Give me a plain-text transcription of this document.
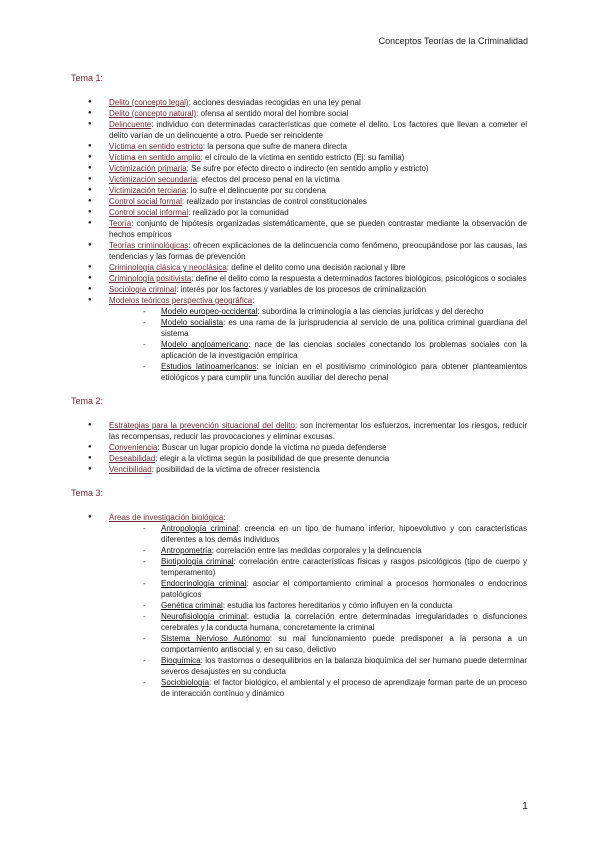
Conceptos Teorías de la Criminalidad
Tema 1:
● Delito (concepto legal): acciones desviadas recogidas en una ley penal
● Delito (concepto natural): ofensa al sentido moral del hombre social
● Delincuente: individuo con determinadas características que comete el delito. Los factores que llevan a cometer el delito varían de un delincuente a otro. Puede ser reincidente
● Víctima en sentido estricto: la persona que sufre de manera directa
● Víctima en sentido amplio: el círculo de la víctima en sentido estricto (Ej: su familia)
● Victimización primaria: Se sufre por efecto directo o indirecto (en sentido amplio y estricto)
● Victimización secundaria: efectos del proceso penal en la víctima
● Victimización terciaria: lo sufre el delincuente por su condena
● Control social formal: realizado por instancias de control constitucionales
● Control social informal: realizado por la comunidad
● Teoría: conjunto de hipótesis organizadas sistemáticamente, que se pueden contrastar mediante la observación de hechos empíricos
● Teorías criminológicas: ofrecen explicaciones de la delincuencia como fenómeno, preocupándose por las causas, las tendencias y las formas de prevención
● Criminología clásica y neoclásica: define el delito como una decisión racional y libre
● Criminología positivista: define el delito como la respuesta a determinados factores biológicos, psicológicos o sociales
● Sociología criminal: interés por los factores y variables de los procesos de criminalización
● Modelos teóricos perspectiva geográfica:
- Modelo europeo-occidental: subordina la criminología a las ciencias jurídicas y del derecho
- Modelo socialista: es una rama de la jurisprudencia al servicio de una política criminal guardiana del sistema
- Modelo angloamericano: nace de las ciencias sociales conectando los problemas sociales con la aplicación de la investigación empírica
- Estudios latinoamericanos: se inician en el positivismo criminológico para obtener planteamientos etiológicos y para cumplir una función auxiliar del derecho penal
Tema 2:
● Estrategias para la prevención situacional del delito: son incrementar los esfuerzos, incrementar los riesgos, reducir las recompensas, reducir las provocaciones y eliminar excusas.
● Conveniencia: Buscar un lugar propicio donde la víctima no pueda defenderse
● Deseabilidad: elegir a la víctima según la posibilidad de que presente denuncia
● Vencibilidad: posibilidad de la víctima de ofrecer resistencia
Tema 3:
● Áreas de investigación biológica:
- Antropología criminal: creencia en un tipo de humano inferior, hipoevolutivo y con características diferentes a los demás individuos
- Antropometría: correlación entre las medidas corporales y la delincuencia
- Biotipología criminal: correlación entre características físicas y rasgos psicológicos (tipo de cuerpo y temperamento)
- Endocrinología criminal: asociar el comportamiento criminal a procesos hormonales o endocrinos patológicos
- Genética criminal: estudia los factores hereditarios y cómo influyen en la conducta
- Neurofisiología criminal: estudia la correlación entre determinadas irregularidades o disfunciones cerebrales y la conducta humana, concretamente la criminal
- Sistema Nervioso Autónomo: su mal funcionamiento puede predisponer a la persona a un comportamiento antisocial y, en su caso, delictivo
- Bioquímica: los trastornos o desequilibrios en la balanza bioquímica del ser humano puede determinar severos desajustes en su conducta
- Sociobiología: el factor biológico, el ambiental y el proceso de aprendizaje forman parte de un proceso de interacción contínuo y dinámico
1
